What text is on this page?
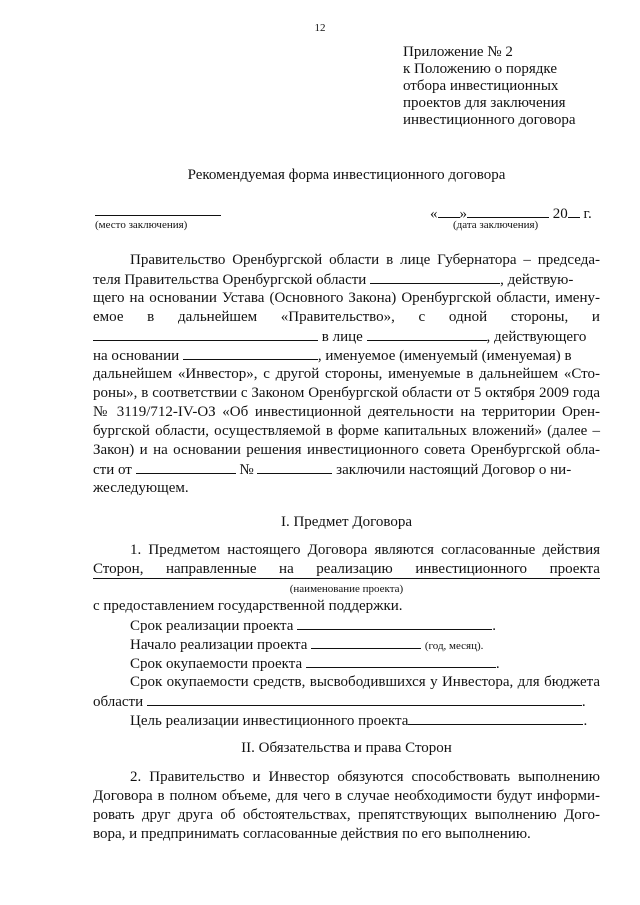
12
Приложение № 2
к Положению о порядке
отбора инвестиционных
проектов для заключения
инвестиционного договора
Рекомендуемая форма инвестиционного договора
(место заключения)
« »	20 г.
(дата заключения)
Правительство Оренбургской области в лице Губернатора – председа-
теля Правительства Оренбургской области	, действую-
щего на основании Устава (Основного Закона) Оренбургской области, имену-
емое в дальнейшем «Правительство», с одной стороны, и
в лице	, действующего
на основании	, именуемое (именуемый (именуемая) в
дальнейшем «Инвестор», с другой стороны, именуемые в дальнейшем «Сто-
роны», в соответствии с Законом Оренбургской области от 5 октября 2009 года
№ 3119/712-IV-ОЗ «Об инвестиционной деятельности на территории Орен-
бургской области, осуществляемой в форме капитальных вложений» (далее –
Закон) и на основании решения инвестиционного совета Оренбургской обла-
сти от	№	заключили настоящий Договор о ни-
жеследующем.
I. Предмет Договора
1. Предметом настоящего Договора являются согласованные действия
Сторон, направленные на реализацию инвестиционного проекта
(наименование проекта)
с предоставлением государственной поддержки.
Срок реализации проекта	.
Начало реализации проекта	(год, месяц).
Срок окупаемости проекта	.
Срок окупаемости средств, высвободившихся у Инвестора, для бюджета
области	.
Цель реализации инвестиционного проекта	.
II. Обязательства и права Сторон
2. Правительство и Инвестор обязуются способствовать выполнению
Договора в полном объеме, для чего в случае необходимости будут информи-
ровать друг друга об обстоятельствах, препятствующих выполнению Дого-
вора, и предпринимать согласованные действия по его выполнению.
